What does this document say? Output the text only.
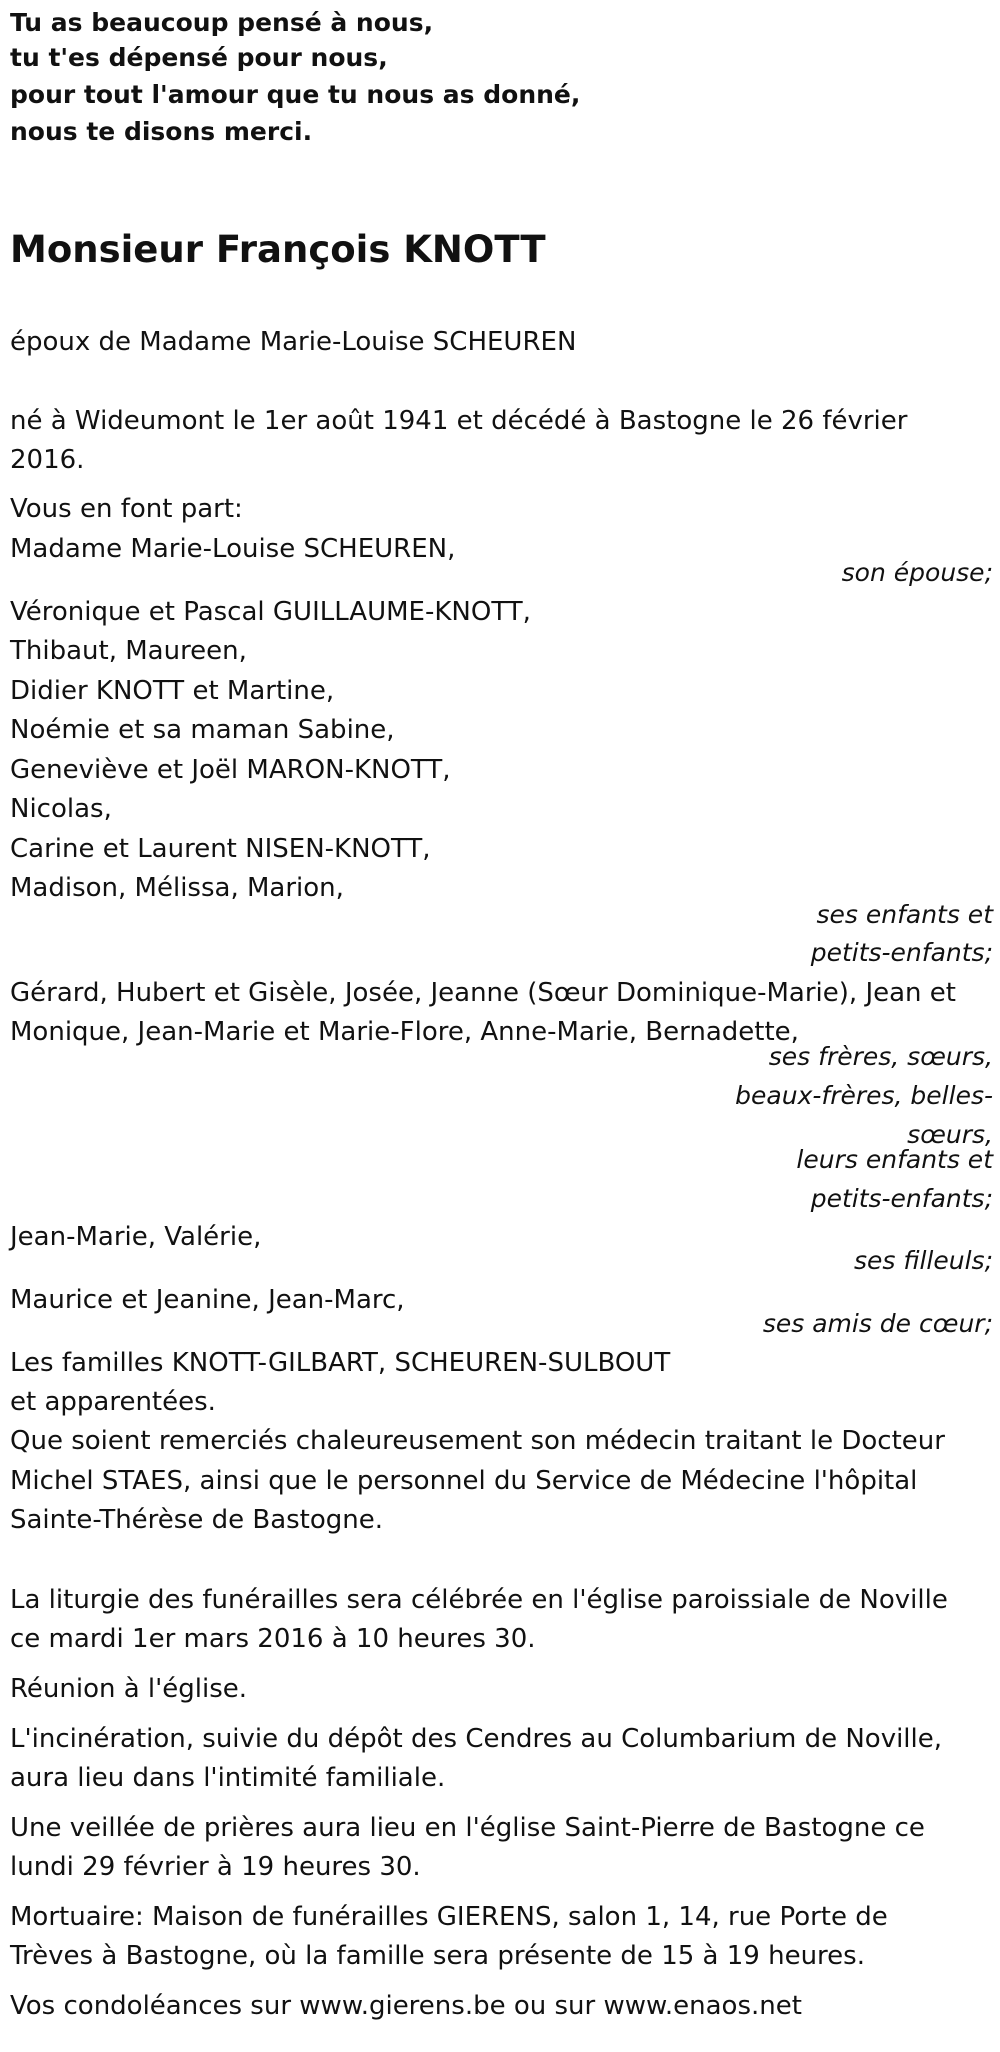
Tu as beaucoup pensé à nous,
tu t'es dépensé pour nous,
pour tout l'amour que tu nous as donné,
nous te disons merci.
Monsieur François KNOTT
époux de Madame Marie-Louise SCHEUREN
né à Wideumont le 1er août 1941 et décédé à Bastogne le 26 février
2016.
Vous en font part:
Madame Marie-Louise SCHEUREN,
son épouse;
Véronique et Pascal GUILLAUME-KNOTT,
Thibaut, Maureen,
Didier KNOTT et Martine,
Noémie et sa maman Sabine,
Geneviève et Joël MARON-KNOTT,
Nicolas,
Carine et Laurent NISEN-KNOTT,
Madison, Mélissa, Marion,
ses enfants et
petits-enfants;
Gérard, Hubert et Gisèle, Josée, Jeanne (Sœur Dominique-Marie), Jean et
Monique, Jean-Marie et Marie-Flore, Anne-Marie, Bernadette,
ses frères, sœurs,
beaux-frères, belles-
sœurs,
leurs enfants et
petits-enfants;
Jean-Marie, Valérie,
ses filleuls;
Maurice et Jeanine, Jean-Marc,
ses amis de cœur;
Les familles KNOTT-GILBART, SCHEUREN-SULBOUT
et apparentées.
Que soient remerciés chaleureusement son médecin traitant le Docteur
Michel STAES, ainsi que le personnel du Service de Médecine l'hôpital
Sainte-Thérèse de Bastogne.
La liturgie des funérailles sera célébrée en l'église paroissiale de Noville
ce mardi 1er mars 2016 à 10 heures 30.
Réunion à l'église.
L'incinération, suivie du dépôt des Cendres au Columbarium de Noville,
aura lieu dans l'intimité familiale.
Une veillée de prières aura lieu en l'église Saint-Pierre de Bastogne ce
lundi 29 février à 19 heures 30.
Mortuaire: Maison de funérailles GIERENS, salon 1, 14, rue Porte de
Trèves à Bastogne, où la famille sera présente de 15 à 19 heures.
Vos condoléances sur www.gierens.be ou sur www.enaos.net
